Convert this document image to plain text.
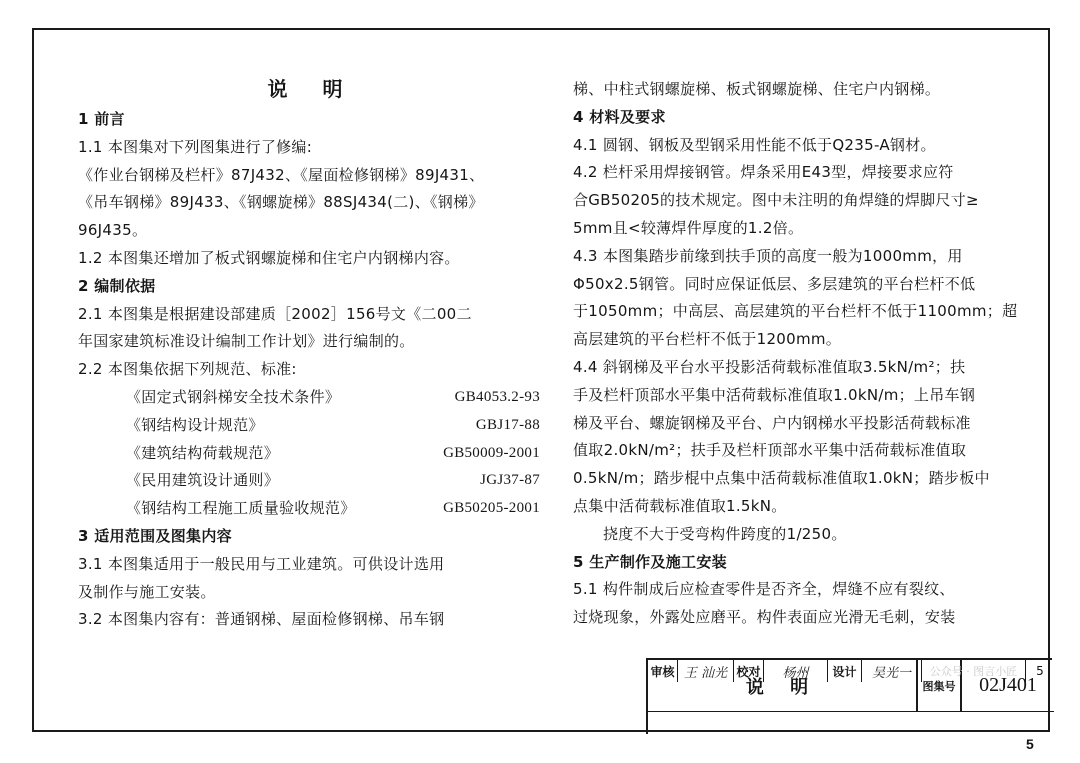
说 明
1 前言
1.1 本图集对下列图集进行了修编:
《作业台钢梯及栏杆》87J432、《屋面检修钢梯》89J431、
《吊车钢梯》89J433、《钢螺旋梯》88SJ434(二)、《钢梯》
96J435。
1.2 本图集还增加了板式钢螺旋梯和住宅户内钢梯内容。
2 编制依据
2.1 本图集是根据建设部建质［2002］156号文《二00二
年国家建筑标准设计编制工作计划》进行编制的。
2.2 本图集依据下列规范、标准:
《固定式钢斜梯安全技术条件》	GB4053.2-93
《钢结构设计规范》	GBJ17-88
《建筑结构荷载规范》	GB50009-2001
《民用建筑设计通则》	JGJ37-87
《钢结构工程施工质量验收规范》	GB50205-2001
3 适用范围及图集内容
3.1 本图集适用于一般民用与工业建筑。可供设计选用
及制作与施工安装。
3.2 本图集内容有：普通钢梯、屋面检修钢梯、吊车钢
梯、中柱式钢螺旋梯、板式钢螺旋梯、住宅户内钢梯。
4 材料及要求
4.1 圆钢、钢板及型钢采用性能不低于Q235-A钢材。
4.2 栏杆采用焊接钢管。焊条采用E43型，焊接要求应符
合GB50205的技术规定。图中未注明的角焊缝的焊脚尺寸≥
5mm且<较薄焊件厚度的1.2倍。
4.3 本图集踏步前缘到扶手顶的高度一般为1000mm，用
Φ50x2.5钢管。同时应保证低层、多层建筑的平台栏杆不低
于1050mm；中高层、高层建筑的平台栏杆不低于1100mm；超
高层建筑的平台栏杆不低于1200mm。
4.4 斜钢梯及平台水平投影活荷载标准值取3.5kN/m²；扶
手及栏杆顶部水平集中活荷载标准值取1.0kN/m；上吊车钢
梯及平台、螺旋钢梯及平台、户内钢梯水平投影活荷载标准
值取2.0kN/m²；扶手及栏杆顶部水平集中活荷载标准值取
0.5kN/m；踏步棍中点集中活荷载标准值取1.0kN；踏步板中
点集中活荷载标准值取1.5kN。
挠度不大于受弯构件跨度的1/250。
5 生产制作及施工安装
5.1 构件制成后应检查零件是否齐全，焊缝不应有裂纹、
过烧现象，外露处应磨平。构件表面应光滑无毛刺，安装
说 明	图集号	02J401
审核 王 汕光 校对	杨州	设计	吴光一	公众号 · 图言小匠	5
5
